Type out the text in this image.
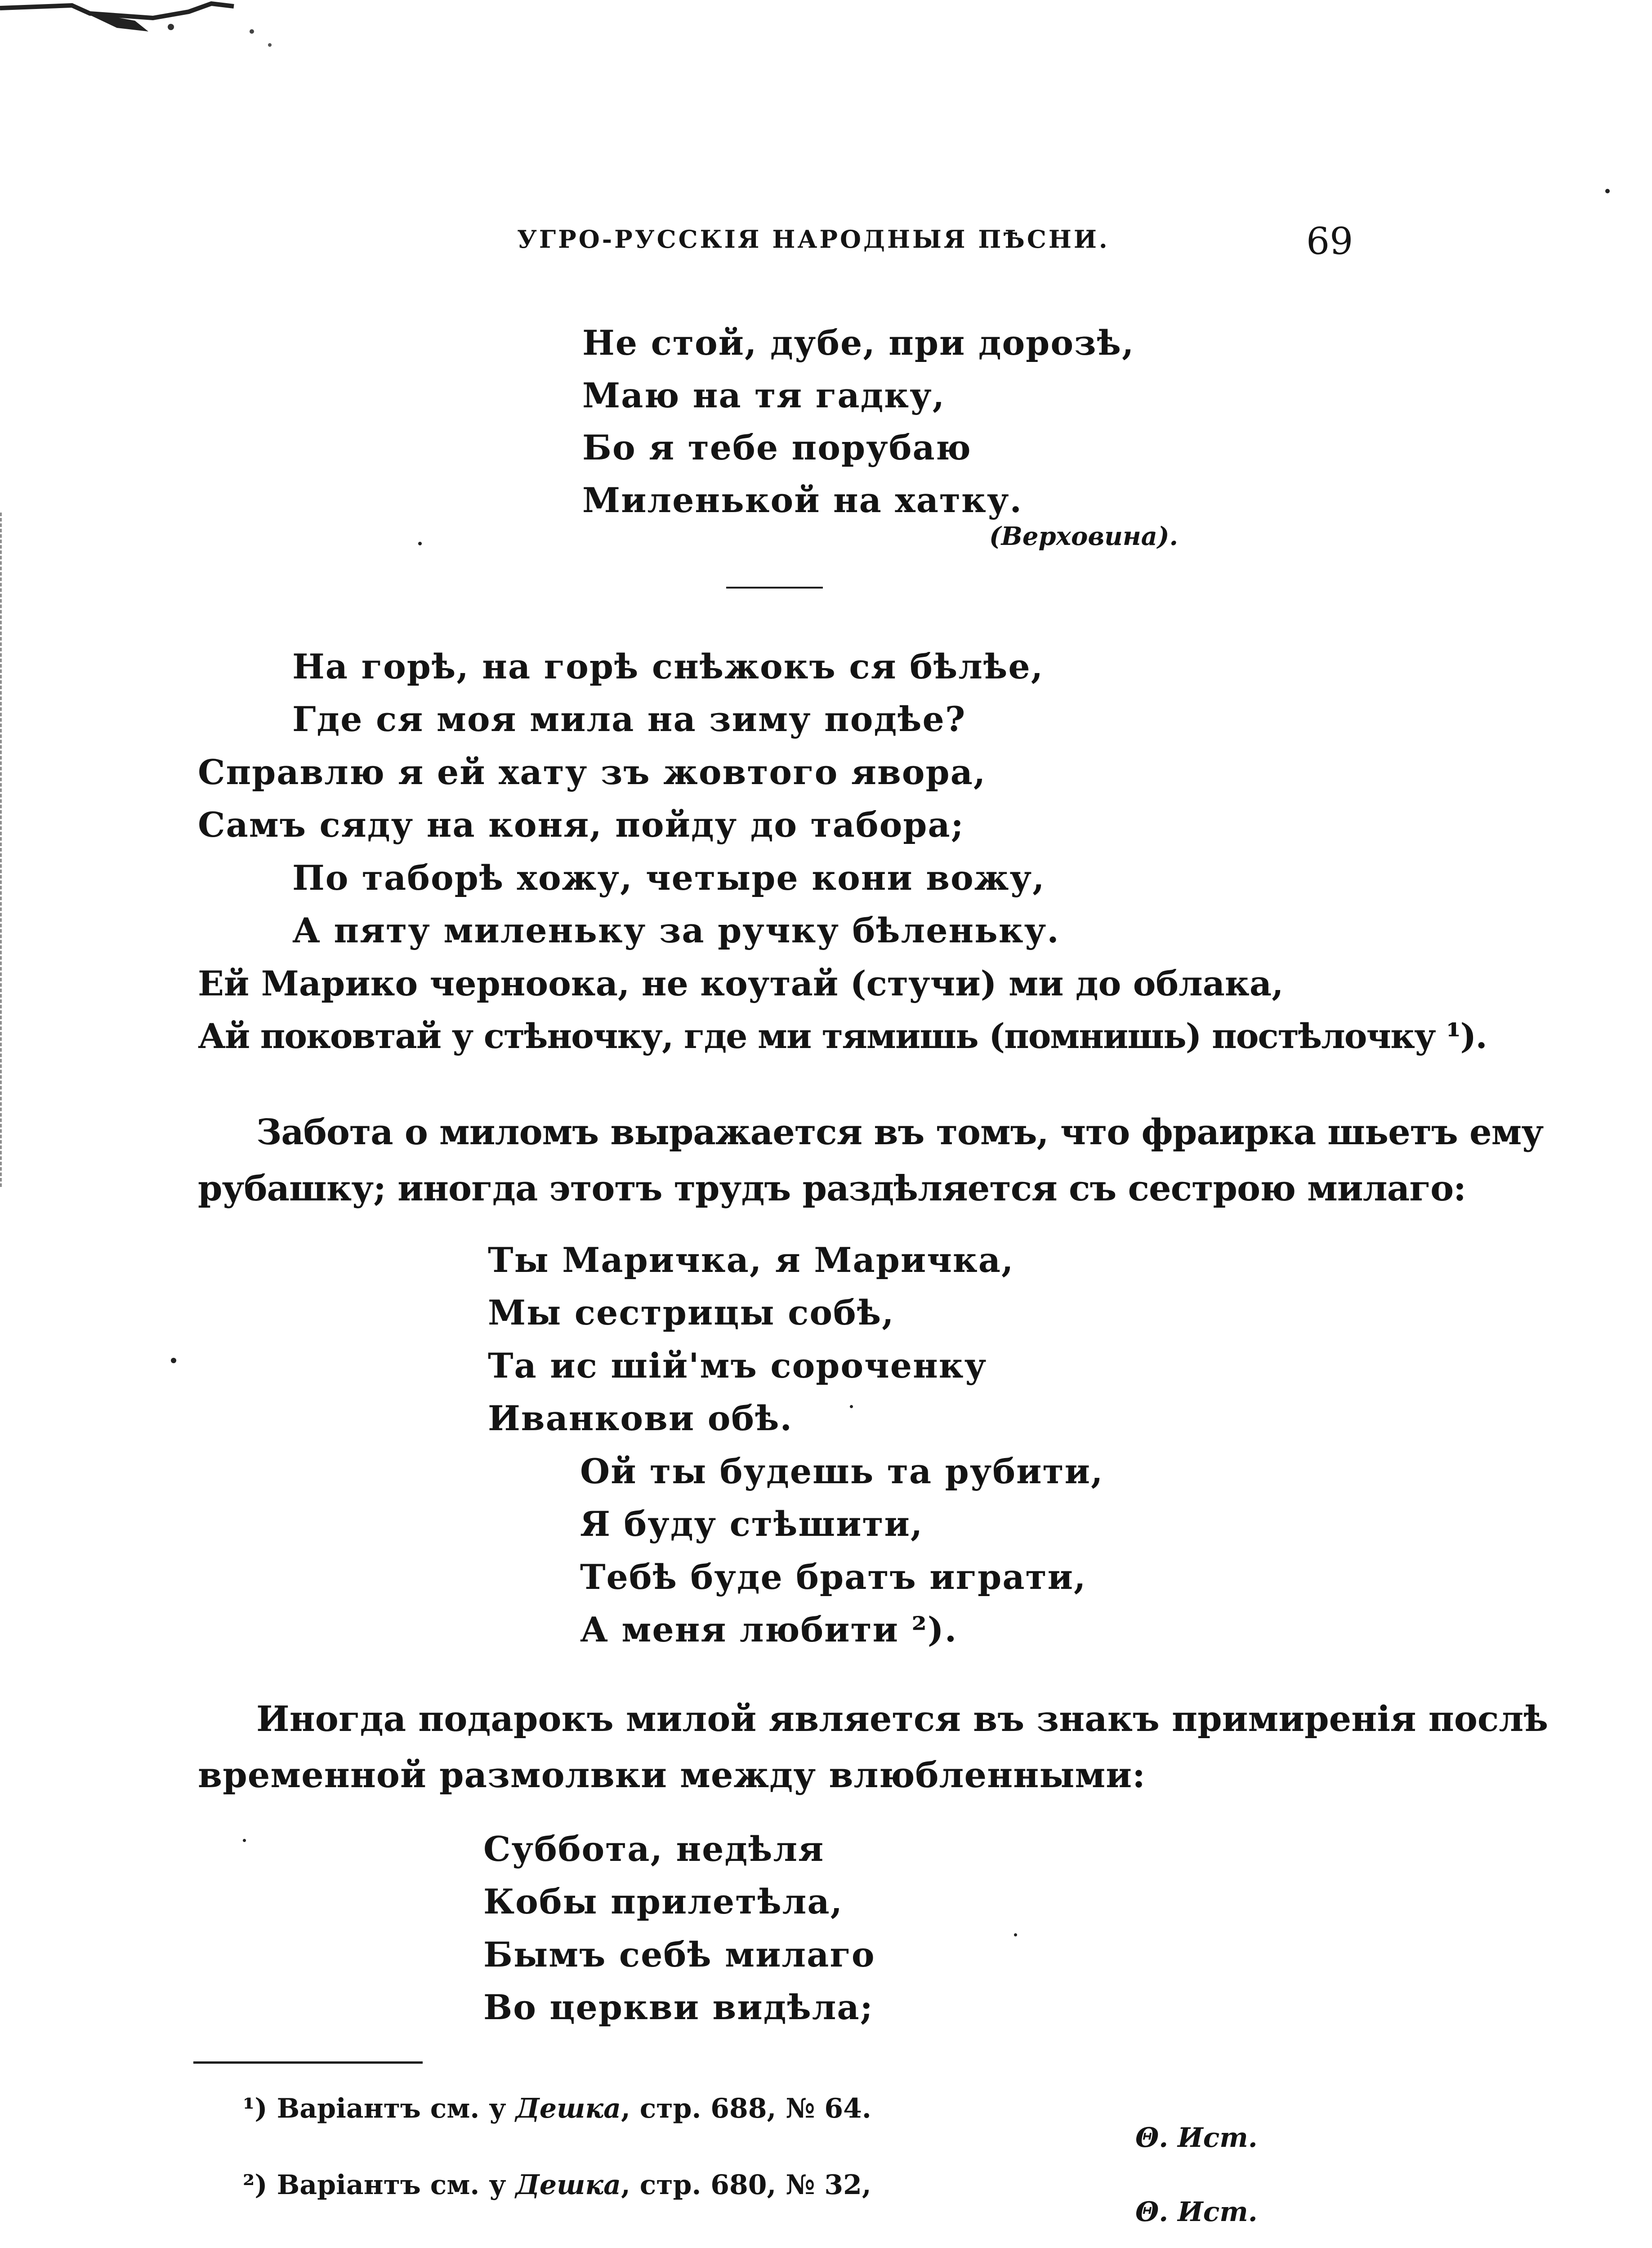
УГРО-РУССКІЯ НАРОДНЫЯ ПѢСНИ.	69
Не стой, дубе, при дорозѣ,
Маю на тя гадку,
Бо я тебе порубаю
Миленькой на хатку.
(Верховина).
На горѣ, на горѣ снѣжокъ ся бѣлѣе,
Где ся моя мила на зиму подѣе?
Справлю я ей хату зъ жовтого явора,
Самъ сяду на коня, пойду до табора;
По таборѣ хожу, четыре кони вожу,
А пяту миленьку за ручку бѣленьку.
Ей Марико черноока, не коутай (стучи) ми до облака,
Ай поковтай у стѣночку, где ми тямишь (помнишь) постѣлочку ¹).
Забота о миломъ выражается въ томъ, что фраирка шьетъ ему
рубашку; иногда этотъ трудъ раздѣляется съ сестрою милаго:
Ты Маричка, я Маричка,
Мы сестрицы собѣ,
Та ис шій'мъ сороченку
Иванкови обѣ.
Ой ты будешь та рубити,
Я буду стѣшити,
Тебѣ буде братъ играти,
А меня любити ²).
Иногда подарокъ милой является въ знакъ примиренія послѣ
временной размолвки между влюбленными:
Суббота, недѣля
Кобы прилетѣла,
Бымъ себѣ милаго
Во церкви видѣла;
¹) Варіантъ см. у Дешка, стр. 688, № 64.
Θ. Ист.
²) Варіантъ см. у Дешка, стр. 680, № 32,
Θ. Ист.
